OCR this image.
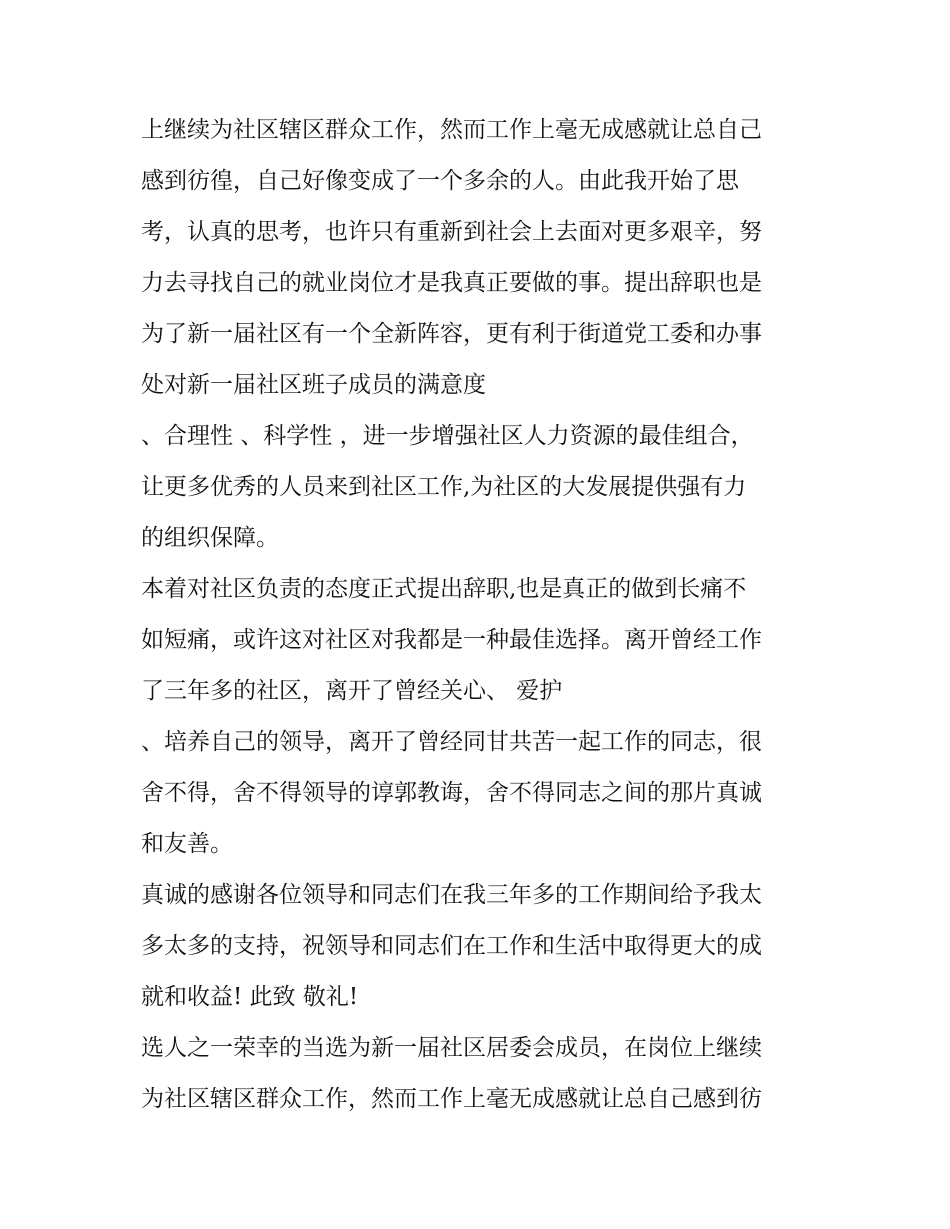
上继续为社区辖区群众工作，然而工作上毫无成感就让总自己
感到彷徨，自己好像变成了一个多余的人。由此我开始了思
考，认真的思考，也许只有重新到社会上去面对更多艰辛，努
力去寻找自己的就业岗位才是我真正要做的事。提出辞职也是
为了新一届社区有一个全新阵容，更有利于街道党工委和办事
处对新一届社区班子成员的满意度
、合理性 、科学性 ，进一步增强社区人力资源的最佳组合，
让更多优秀的人员来到社区工作,为社区的大发展提供强有力
的组织保障。
本着对社区负责的态度正式提出辞职,也是真正的做到长痛不
如短痛，或许这对社区对我都是一种最佳选择。离开曾经工作
了三年多的社区，离开了曾经关心、 爱护
、培养自己的领导，离开了曾经同甘共苦一起工作的同志，很
舍不得，舍不得领导的谆郭教诲，舍不得同志之间的那片真诚
和友善。
真诚的感谢各位领导和同志们在我三年多的工作期间给予我太
多太多的支持，祝领导和同志们在工作和生活中取得更大的成
就和收益! 此致 敬礼!
选人之一荣幸的当选为新一届社区居委会成员，在岗位上继续
为社区辖区群众工作，然而工作上毫无成感就让总自己感到彷
